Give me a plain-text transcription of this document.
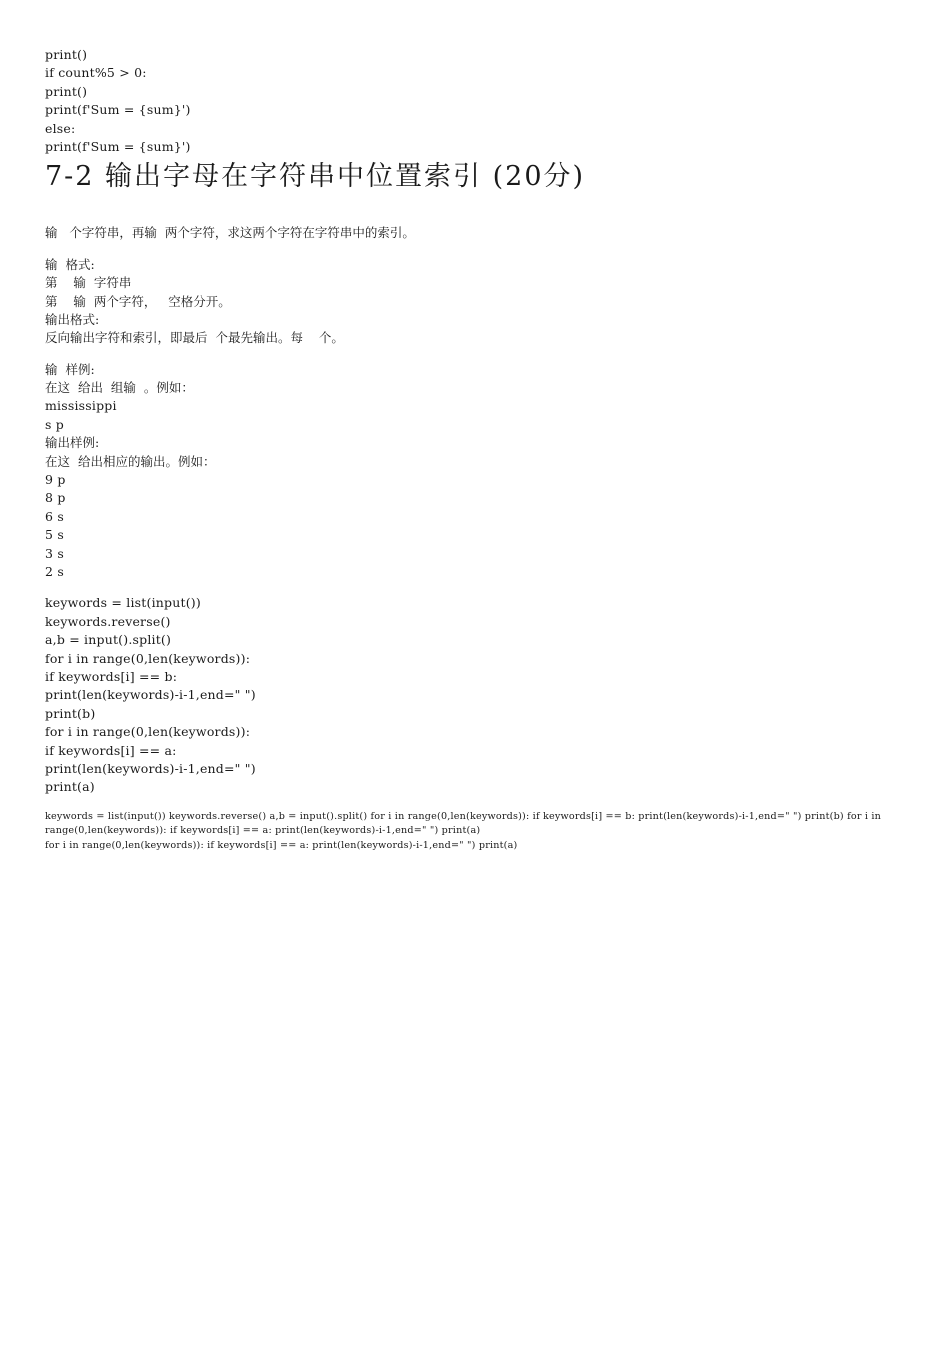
print()
if count%5 > 0:
print()
print(f'Sum = {sum}')
else:
print(f'Sum = {sum}')
7-2 输出字母在字符串中位置索引 (20分)
输   个字符串，再输  两个字符，求这两个字符在字符串中的索引。
输  格式:
第    输  字符串
第    输  两个字符，   空格分开。
输出格式:
反向输出字符和索引，即最后  个最先输出。每    个。
输  样例:
在这  给出  组输  。例如：
mississippi
s p
输出样例:
在这  给出相应的输出。例如：
9 p
8 p
6 s
5 s
3 s
2 s
keywords = list(input())
keywords.reverse()
a,b = input().split()
for i in range(0,len(keywords)):
if keywords[i] == b:
print(len(keywords)-i-1,end=" ")
print(b)
for i in range(0,len(keywords)):
if keywords[i] == a:
print(len(keywords)-i-1,end=" ")
print(a)
keywords = list(input()) keywords.reverse() a,b = input().split() for i in range(0,len(keywords)): if keywords[i] == b: print(len(keywords)-i-1,end=" ") print(b) for i in
range(0,len(keywords)): if keywords[i] == a: print(len(keywords)-i-1,end=" ") print(a)
for i in range(0,len(keywords)): if keywords[i] == a: print(len(keywords)-i-1,end=" ") print(a)
